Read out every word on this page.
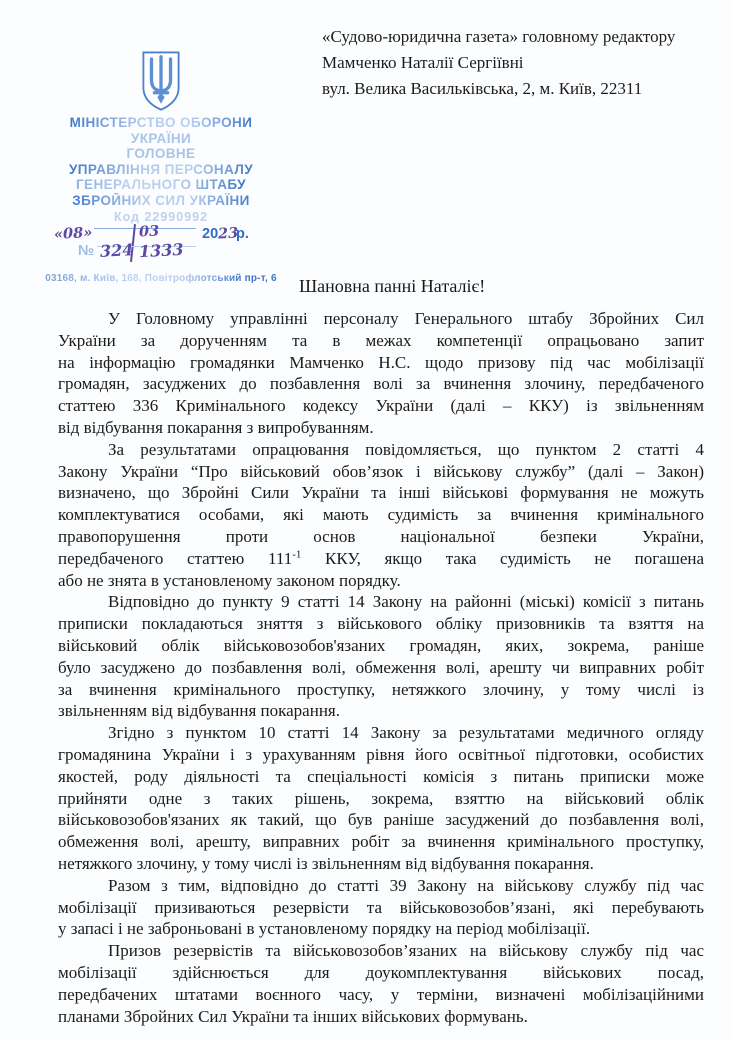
«Судово-юридична газета» головному редактору
Мамченко Наталії Сергіївні
вул. Велика Васильківська, 2, м. Київ, 22311
МІНІСТЕРСТВО ОБОРОНИ
УКРАЇНИ
ГОЛОВНЕ
УПРАВЛІННЯ ПЕРСОНАЛУ
ГЕНЕРАЛЬНОГО ШТАБУ
ЗБРОЙНИХ СИЛ УКРАЇНИ
Код 22990992
«08»	03	20 23
р.
№ 324 1333
03168, м. Київ, 168, Повітрофлотський пр-т, 6 Шановна панні Наталіє!
У Головному управлінні персоналу Генерального штабу Збройних Сил
України за дорученням та в межах компетенції опрацьовано запит
на інформацію громадянки Мамченко Н.С. щодо призову під час мобілізації
громадян, засуджених до позбавлення волі за вчинення злочину, передбаченого
статтею 336 Кримінального кодексу України (далі – ККУ) із звільненням
від відбування покарання з випробуванням.
За результатами опрацювання повідомляється, що пунктом 2 статті 4
Закону України “Про військовий обов’язок і військову службу” (далі – Закон)
визначено, що Збройні Сили України та інші військові формування не можуть
комплектуватися особами, які мають судимість за вчинення кримінального
правопорушення проти основ національної безпеки України,
передбаченого статтею $111^{-1}$ ККУ, якщо така судимість не погашена
або не знята в установленому законом порядку.
Відповідно до пункту 9 статті 14 Закону на районні (міські) комісії з питань
приписки покладаються зняття з військового обліку призовників та взяття на
військовий облік військовозобов'язаних громадян, яких, зокрема, раніше
було засуджено до позбавлення волі, обмеження волі, арешту чи виправних робіт
за вчинення кримінального проступку, нетяжкого злочину, у тому числі із
звільненням від відбування покарання.
Згідно з пунктом 10 статті 14 Закону за результатами медичного огляду
громадянина України і з урахуванням рівня його освітньої підготовки, особистих
якостей, роду діяльності та спеціальності комісія з питань приписки може
прийняти одне з таких рішень, зокрема, взяттю на військовий облік
військовозобов'язаних як такий, що був раніше засуджений до позбавлення волі,
обмеження волі, арешту, виправних робіт за вчинення кримінального проступку,
нетяжкого злочину, у тому числі із звільненням від відбування покарання.
Разом з тим, відповідно до статті 39 Закону на військову службу під час
мобілізації призиваються резервісти та військовозобов’язані, які перебувають
у запасі і не заброньовані в установленому порядку на період мобілізації.
Призов резервістів та військовозобов’язаних на військову службу під час
мобілізації здійснюється для доукомплектування військових посад,
передбачених штатами воєнного часу, у терміни, визначені мобілізаційними
планами Збройних Сил України та інших військових формувань.
